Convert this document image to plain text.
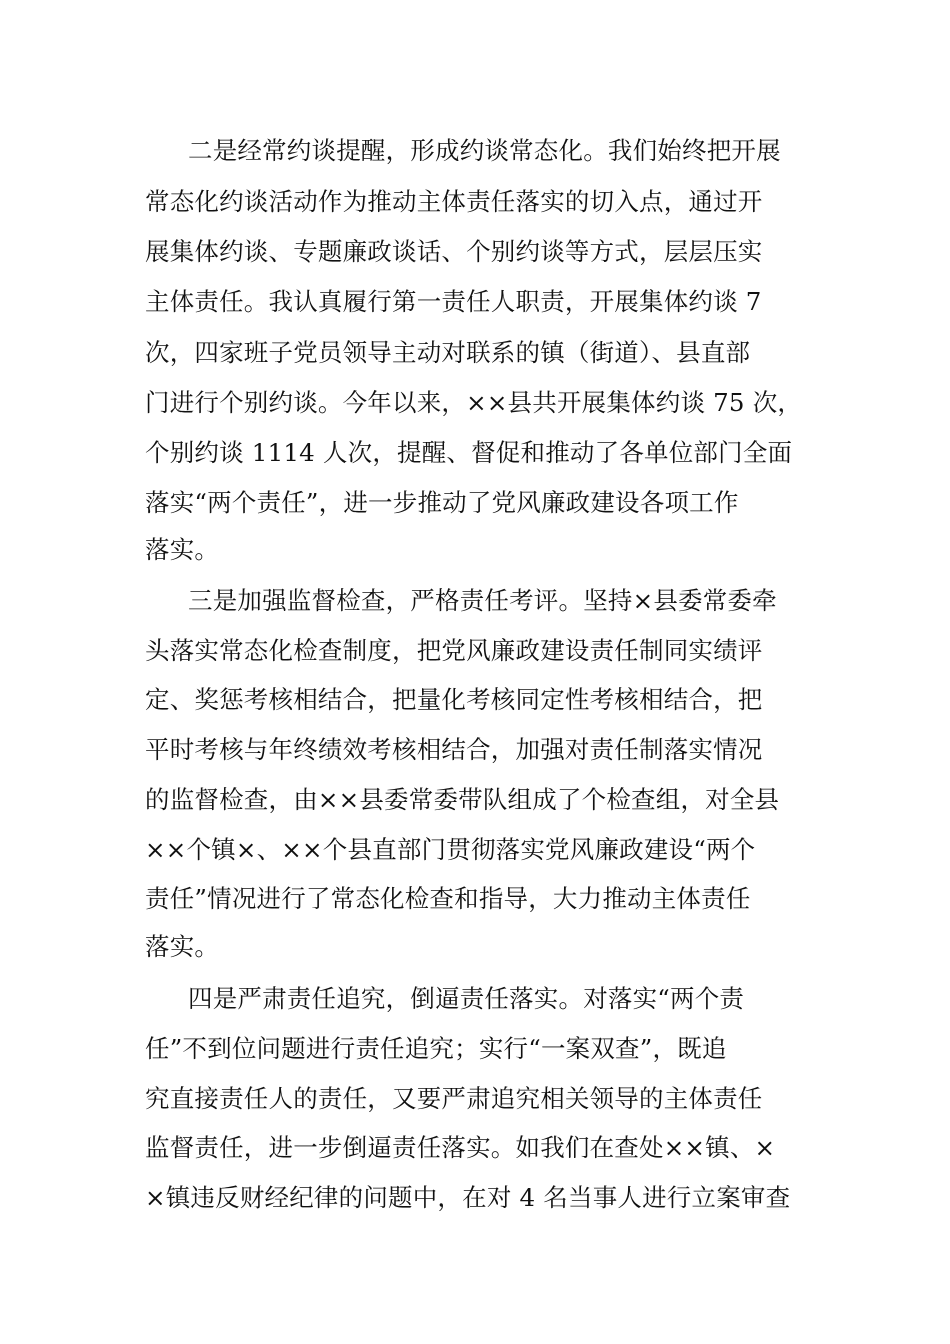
二是经常约谈提醒，形成约谈常态化。我们始终把开展
常态化约谈活动作为推动主体责任落实的切入点，通过开
展集体约谈、专题廉政谈话、个别约谈等方式，层层压实
主体责任。我认真履行第一责任人职责，开展集体约谈 7
次，四家班子党员领导主动对联系的镇（街道）、县直部
门进行个别约谈。今年以来，××县共开展集体约谈 75 次，
个别约谈 1114 人次，提醒、督促和推动了各单位部门全面
落实“两个责任”，进一步推动了党风廉政建设各项工作
落实。
三是加强监督检查，严格责任考评。坚持×县委常委牵
头落实常态化检查制度，把党风廉政建设责任制同实绩评
定、奖惩考核相结合，把量化考核同定性考核相结合，把
平时考核与年终绩效考核相结合，加强对责任制落实情况
的监督检查，由××县委常委带队组成了个检查组，对全县
××个镇×、××个县直部门贯彻落实党风廉政建设“两个
责任”情况进行了常态化检查和指导，大力推动主体责任
落实。
四是严肃责任追究，倒逼责任落实。对落实“两个责
任”不到位问题进行责任追究；实行“一案双查”，既追
究直接责任人的责任，又要严肃追究相关领导的主体责任
监督责任，进一步倒逼责任落实。如我们在查处××镇、×
×镇违反财经纪律的问题中，在对 4 名当事人进行立案审查
